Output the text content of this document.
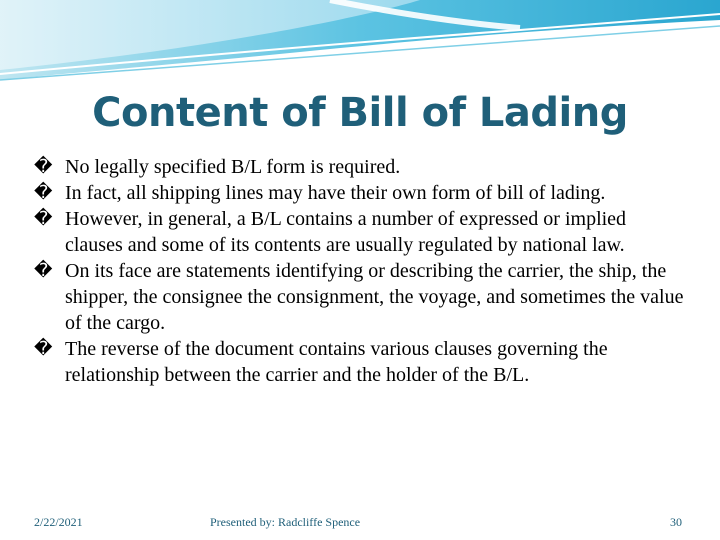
Content of Bill of Lading
� No legally specified B/L form is required.
� In fact, all shipping lines may have their own form of bill of lading.
� However, in general, a B/L contains a number of expressed or implied clauses and some of its contents are usually regulated by national law.
� On its face are statements identifying or describing the carrier, the ship, the shipper, the consignee the consignment, the voyage, and sometimes the value of the cargo.
� The reverse of the document contains various clauses governing the relationship between the carrier and the holder of the B/L.
2/22/2021	Presented by: Radcliffe Spence	30
